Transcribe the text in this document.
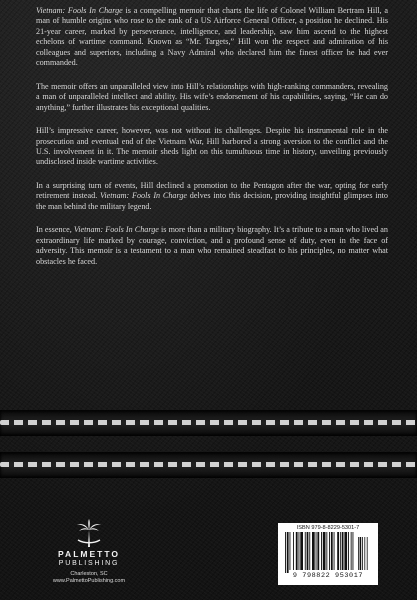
Vietnam: Fools In Charge is a compelling memoir that charts the life of Colonel William Bertram Hill, a man of humble origins who rose to the rank of a US Airforce General Officer, a position he declined. His 21-year career, marked by perseverance, intelligence, and leadership, saw him ascend to the highest echelons of wartime command. Known as “Mr. Targets,” Hill won the respect and admiration of his colleagues and superiors, including a Navy Admiral who declared him the finest officer he had ever commanded.

The memoir offers an unparalleled view into Hill’s relationships with high-ranking commanders, revealing a man of unparalleled intellect and ability. His wife’s endorsement of his capabilities, saying, “He can do anything,” further illustrates his exceptional qualities.

Hill’s impressive career, however, was not without its challenges. Despite his instrumental role in the prosecution and eventual end of the Vietnam War, Hill harbored a strong aversion to the conflict and the U.S. involvement in it. The memoir sheds light on this tumultuous time in history, unveiling previously undisclosed inside wartime activities.

In a surprising turn of events, Hill declined a promotion to the Pentagon after the war, opting for early retirement instead. Vietnam: Fools In Charge delves into this decision, providing insightful glimpses into the man behind the military legend.

In essence, Vietnam: Fools In Charge is more than a military biography. It’s a tribute to a man who lived an extraordinary life marked by courage, conviction, and a profound sense of duty, even in the face of adversity. This memoir is a testament to a man who remained steadfast to his principles, no matter what obstacles he faced.

PALMETTO
PUBLISHING
Charleston, SC
www.PalmettoPublishing.com
ISBN 979-8-8229-5301-7
9 798822 953017
